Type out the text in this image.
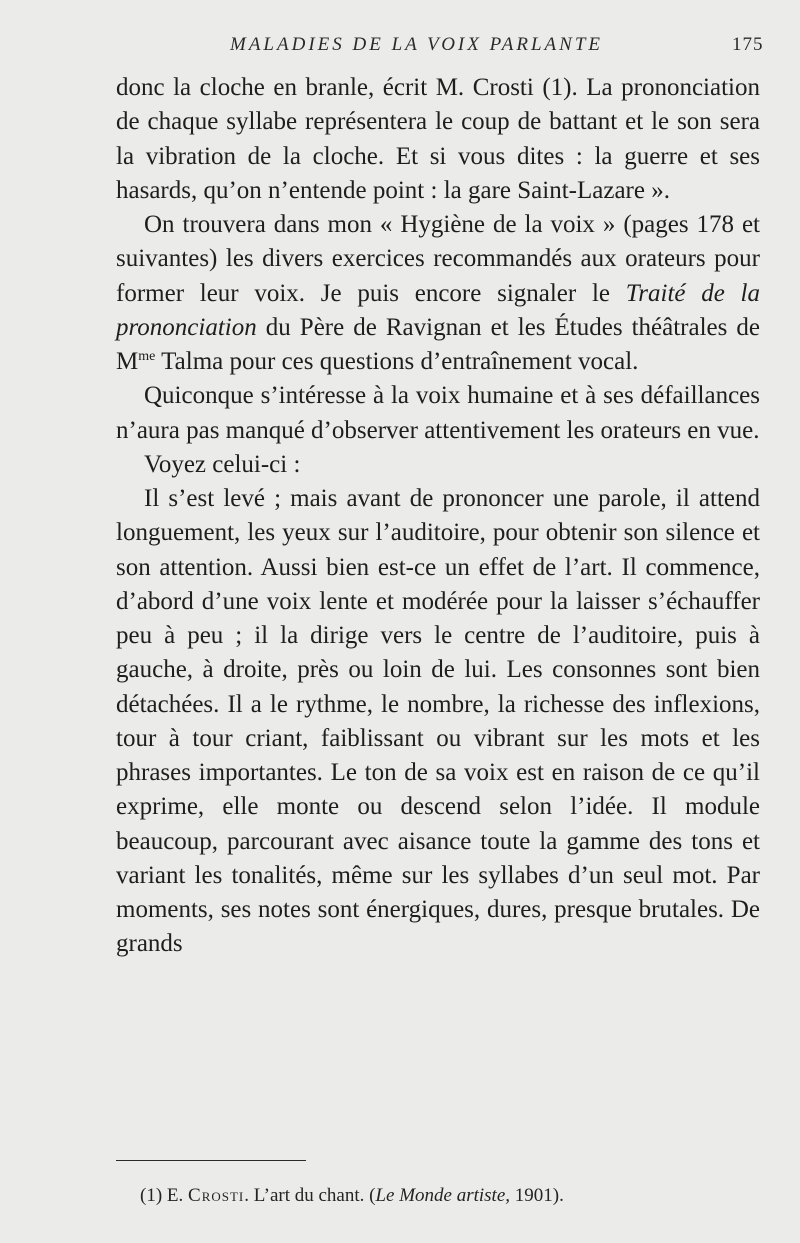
MALADIES DE LA VOIX PARLANTE	175

donc la cloche en branle, écrit M. Crosti (1). La prononciation de chaque syllabe représentera le coup de battant et le son sera la vibration de la cloche. Et si vous dites : la guerre et ses hasards, qu’on n’entende point : la gare Saint-Lazare ».

On trouvera dans mon « Hygiène de la voix » (pages 178 et suivantes) les divers exercices recommandés aux orateurs pour former leur voix. Je puis encore signaler le Traité de la prononciation du Père de Ravignan et les Études théâtrales de $M^{me}$ Talma pour ces questions d’entraînement vocal.

Quiconque s’intéresse à la voix humaine et à ses défaillances n’aura pas manqué d’observer attentivement les orateurs en vue.

Voyez celui-ci :

Il s’est levé ; mais avant de prononcer une parole, il attend longuement, les yeux sur l’auditoire, pour obtenir son silence et son attention. Aussi bien est-ce un effet de l’art. Il commence, d’abord d’une voix lente et modérée pour la laisser s’échauffer peu à peu ; il la dirige vers le centre de l’auditoire, puis à gauche, à droite, près ou loin de lui. Les consonnes sont bien détachées. Il a le rythme, le nombre, la richesse des inflexions, tour à tour criant, faiblissant ou vibrant sur les mots et les phrases importantes. Le ton de sa voix est en raison de ce qu’il exprime, elle monte ou descend selon l’idée. Il module beaucoup, parcourant avec aisance toute la gamme des tons et variant les tonalités, même sur les syllabes d’un seul mot. Par moments, ses notes sont énergiques, dures, presque brutales. De grands

(1) E. Crosti. L’art du chant. (Le Monde artiste, 1901).
